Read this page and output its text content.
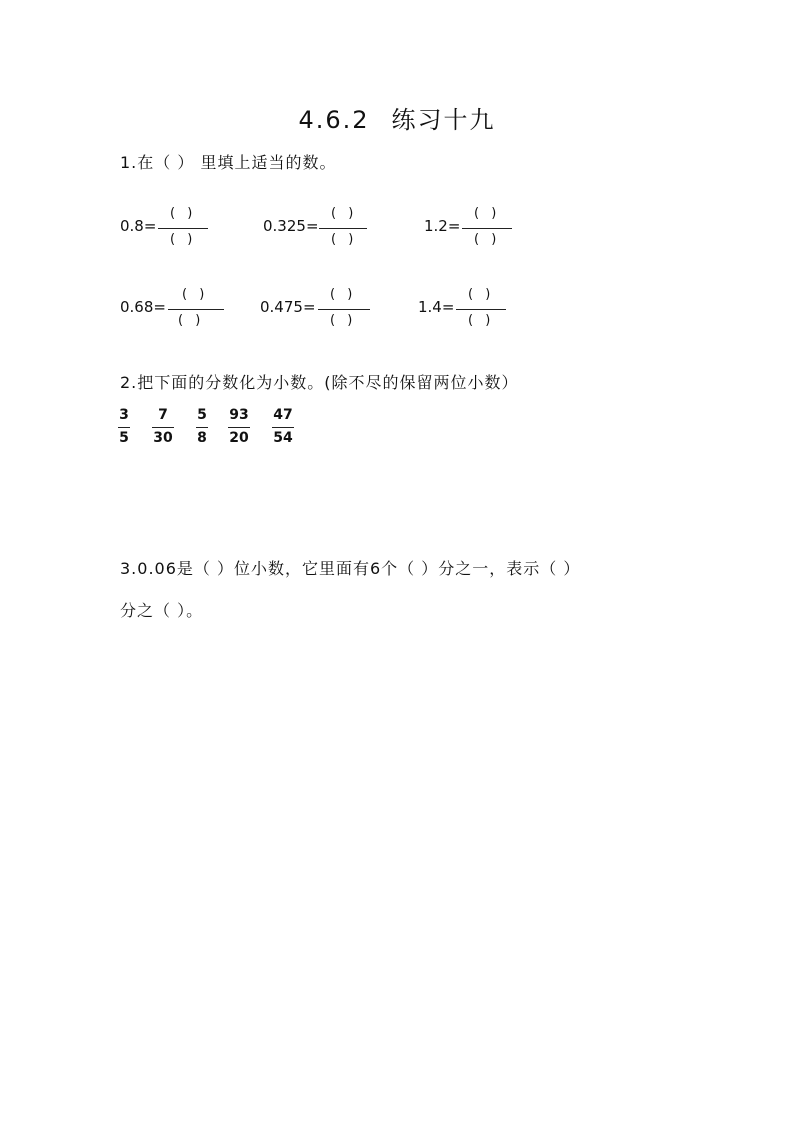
4.6.2 练习十九
1.在（ ） 里填上适当的数。
0.8=
( )
( )
0.325=
( )
( )
1.2=
( )
( )
0.68=
( )
( )
0.475=
( )
( )
1.4=
( )
( )
2.把下面的分数化为小数。(除不尽的保留两位小数）
3
5
7
30
5
8
93
20
47
54
3.0.06是（ ）位小数，它里面有6个（ ）分之一，表示（ ）
分之（ ）。
